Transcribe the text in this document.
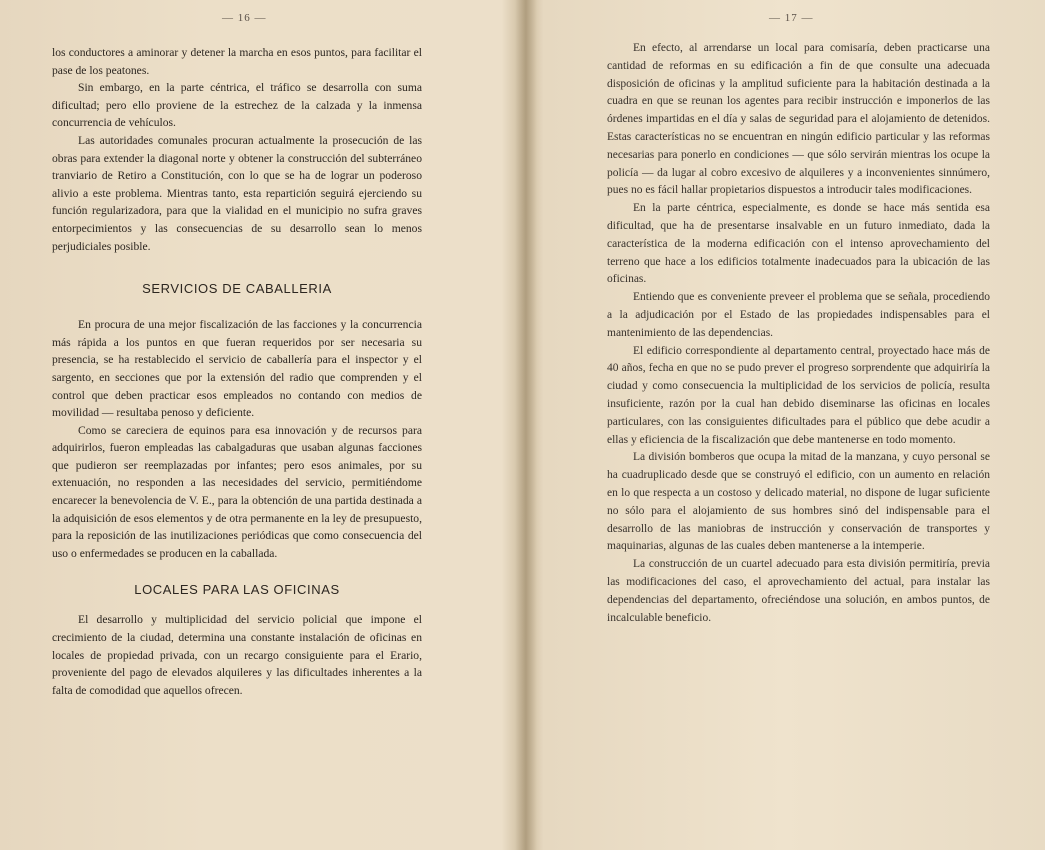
— 16 —

los conductores a aminorar y detener la marcha en esos puntos, para facilitar el pase de los peatones.

Sin embargo, en la parte céntrica, el tráfico se desarrolla con suma dificultad; pero ello proviene de la estrechez de la calzada y la inmensa concurrencia de vehículos.

Las autoridades comunales procuran actualmente la prosecución de las obras para extender la diagonal norte y obtener la construcción del subterráneo tranviario de Retiro a Constitución, con lo que se ha de lograr un poderoso alivio a este problema. Mientras tanto, esta repartición seguirá ejerciendo su función regularizadora, para que la vialidad en el municipio no sufra graves entorpecimientos y las consecuencias de su desarrollo sean lo menos perjudiciales posible.

SERVICIOS DE CABALLERIA

En procura de una mejor fiscalización de las facciones y la concurrencia más rápida a los puntos en que fueran requeridos por ser necesaria su presencia, se ha restablecido el servicio de caballería para el inspector y el sargento, en secciones que por la extensión del radio que comprenden y el control que deben practicar esos empleados no contando con medios de movilidad — resultaba penoso y deficiente.

Como se careciera de equinos para esa innovación y de recursos para adquirirlos, fueron empleadas las cabalgaduras que usaban algunas facciones que pudieron ser reemplazadas por infantes; pero esos animales, por su extenuación, no responden a las necesidades del servicio, permitiéndome encarecer la benevolencia de V. E., para la obtención de una partida destinada a la adquisición de esos elementos y de otra permanente en la ley de presupuesto, para la reposición de las inutilizaciones periódicas que como consecuencia del uso o enfermedades se producen en la caballada.

LOCALES PARA LAS OFICINAS

El desarrollo y multiplicidad del servicio policial que impone el crecimiento de la ciudad, determina una constante instalación de oficinas en locales de propiedad privada, con un recargo consiguiente para el Erario, proveniente del pago de elevados alquileres y las dificultades inherentes a la falta de comodidad que aquellos ofrecen.

— 17 —

En efecto, al arrendarse un local para comisaría, deben practicarse una cantidad de reformas en su edificación a fin de que consulte una adecuada disposición de oficinas y la amplitud suficiente para la habitación destinada a la cuadra en que se reunan los agentes para recibir instrucción e imponerlos de las órdenes impartidas en el día y salas de seguridad para el alojamiento de detenidos. Estas características no se encuentran en ningún edificio particular y las reformas necesarias para ponerlo en condiciones — que sólo servirán mientras los ocupe la policía — da lugar al cobro excesivo de alquileres y a inconvenientes sinnúmero, pues no es fácil hallar propietarios dispuestos a introducir tales modificaciones.

En la parte céntrica, especialmente, es donde se hace más sentida esa dificultad, que ha de presentarse insalvable en un futuro inmediato, dada la característica de la moderna edificación con el intenso aprovechamiento del terreno que hace a los edificios totalmente inadecuados para la ubicación de las oficinas.

Entiendo que es conveniente preveer el problema que se señala, procediendo a la adjudicación por el Estado de las propiedades indispensables para el mantenimiento de las dependencias.

El edificio correspondiente al departamento central, proyectado hace más de 40 años, fecha en que no se pudo prever el progreso sorprendente que adquiriría la ciudad y como consecuencia la multiplicidad de los servicios de policía, resulta insuficiente, razón por la cual han debido diseminarse las oficinas en locales particulares, con las consiguientes dificultades para el público que debe acudir a ellas y eficiencia de la fiscalización que debe mantenerse en todo momento.

La división bomberos que ocupa la mitad de la manzana, y cuyo personal se ha cuadruplicado desde que se construyó el edificio, con un aumento en relación en lo que respecta a un costoso y delicado material, no dispone de lugar suficiente no sólo para el alojamiento de sus hombres sinó del indispensable para el desarrollo de las maniobras de instrucción y conservación de transportes y maquinarias, algunas de las cuales deben mantenerse a la intemperie.

La construcción de un cuartel adecuado para esta división permitiría, previa las modificaciones del caso, el aprovechamiento del actual, para instalar las dependencias del departamento, ofreciéndose una solución, en ambos puntos, de incalculable beneficio.
